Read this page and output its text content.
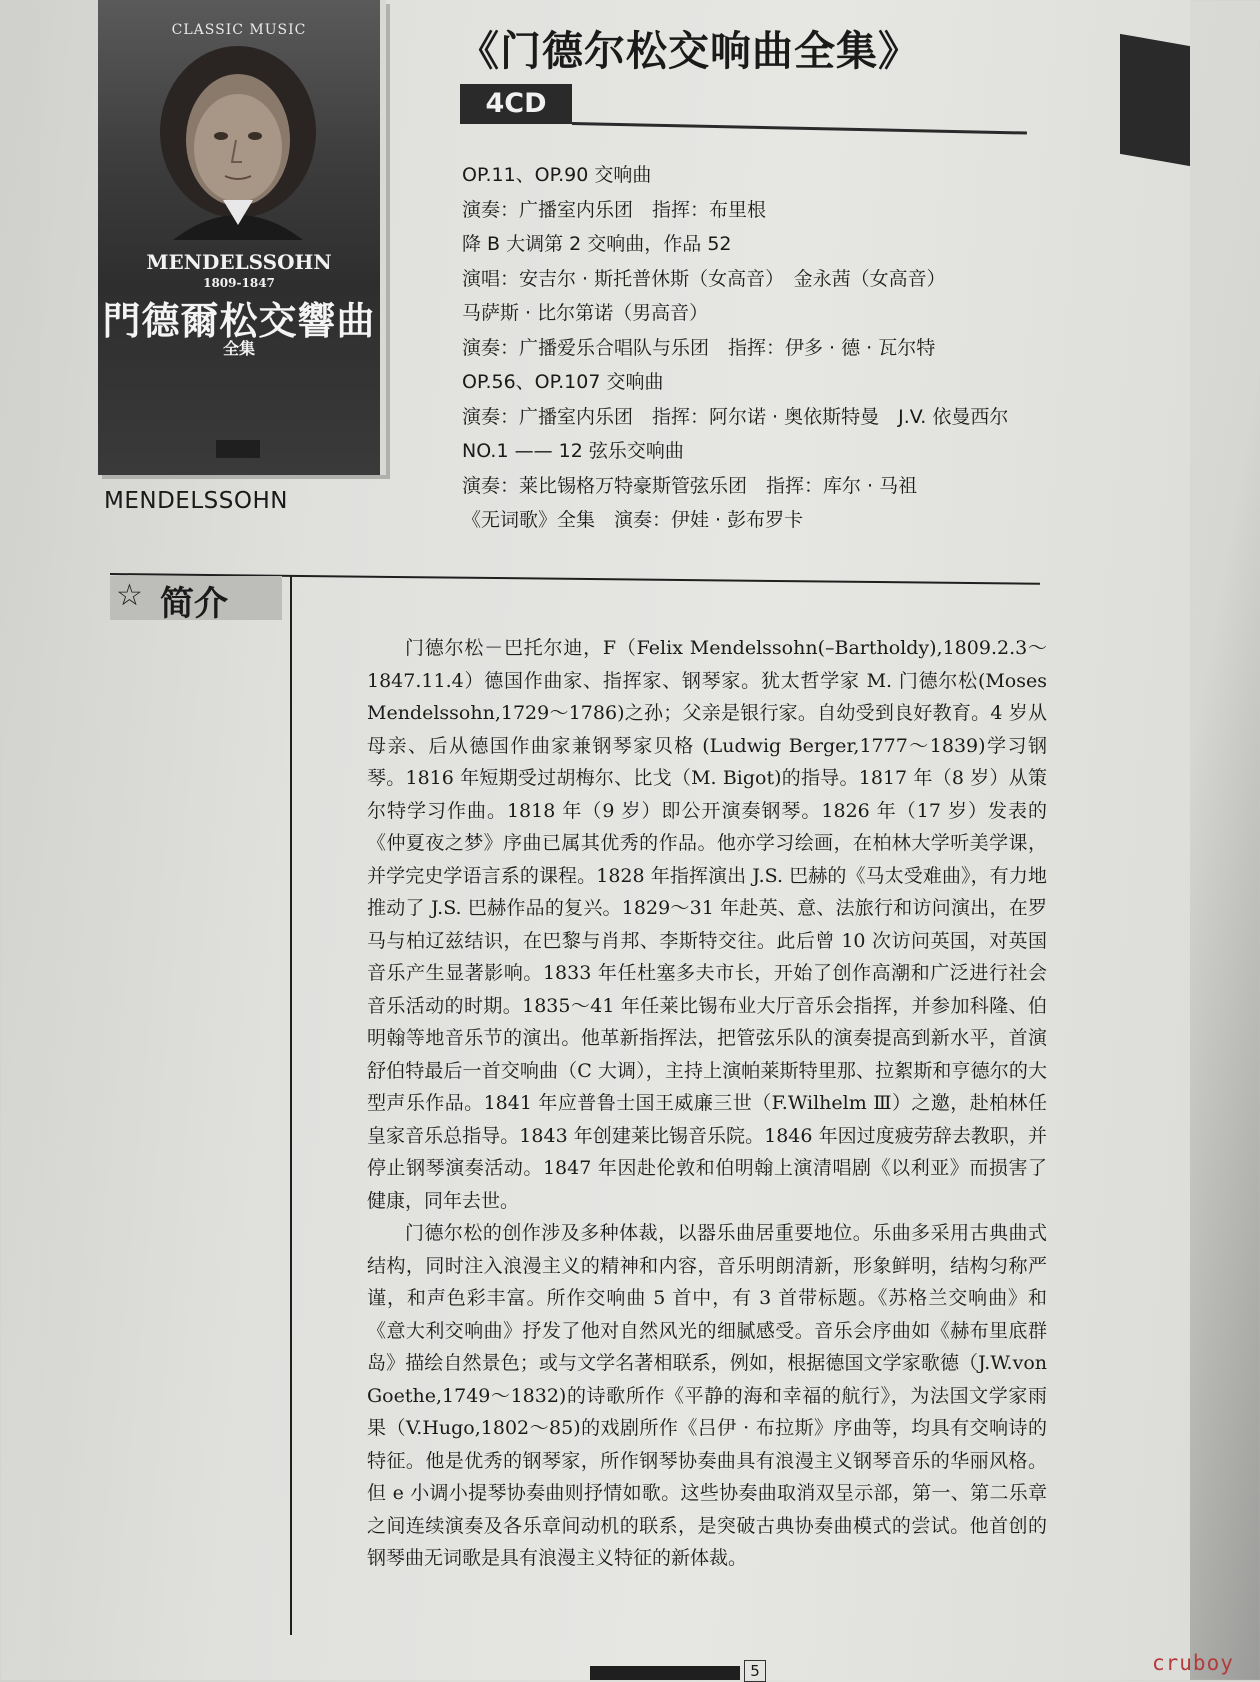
CLASSIC MUSIC
MENDELSSOHN
1809-1847
門德爾松交響曲
全集
MENDELSSOHN
《门德尔松交响曲全集》
4CD
OP.11、OP.90 交响曲
演奏：广播室内乐团　指挥：布里根
降 B 大调第 2 交响曲，作品 52
演唱：安吉尔 · 斯托普休斯（女高音）　金永茜（女高音）
马萨斯 · 比尔第诺（男高音）
演奏：广播爱乐合唱队与乐团　指挥：伊多 · 德 · 瓦尔特
OP.56、OP.107 交响曲
演奏：广播室内乐团　指挥：阿尔诺 · 奥依斯特曼　J.V. 依曼西尔
NO.1 —— 12 弦乐交响曲
演奏：莱比锡格万特豪斯管弦乐团　指挥：库尔 · 马祖
《无词歌》全集　演奏：伊娃 · 彭布罗卡
☆ 简介

门德尔松－巴托尔迪，F（Felix Mendelssohn(–Bartholdy),1809.2.3～1847.11.4）德国作曲家、指挥家、钢琴家。犹太哲学家 M. 门德尔松(Moses Mendelssohn,1729～1786)之孙；父亲是银行家。自幼受到良好教育。4 岁从母亲、后从德国作曲家兼钢琴家贝格 (Ludwig Berger,1777～1839)学习钢琴。1816 年短期受过胡梅尔、比戈（M. Bigot)的指导。1817 年（8 岁）从策尔特学习作曲。1818 年（9 岁）即公开演奏钢琴。1826 年（17 岁）发表的《仲夏夜之梦》序曲已属其优秀的作品。他亦学习绘画，在柏林大学听美学课，并学完史学语言系的课程。1828 年指挥演出 J.S. 巴赫的《马太受难曲》，有力地推动了 J.S. 巴赫作品的复兴。1829～31 年赴英、意、法旅行和访问演出，在罗马与柏辽兹结识，在巴黎与肖邦、李斯特交往。此后曾 10 次访问英国，对英国音乐产生显著影响。1833 年任杜塞多夫市长，开始了创作高潮和广泛进行社会音乐活动的时期。1835～41 年任莱比锡布业大厅音乐会指挥，并参加科隆、伯明翰等地音乐节的演出。他革新指挥法，把管弦乐队的演奏提高到新水平，首演舒伯特最后一首交响曲（C 大调），主持上演帕莱斯特里那、拉絮斯和亨德尔的大型声乐作品。1841 年应普鲁士国王威廉三世（F.Wilhelm Ⅲ）之邀，赴柏林任皇家音乐总指导。1843 年创建莱比锡音乐院。1846 年因过度疲劳辞去教职，并停止钢琴演奏活动。1847 年因赴伦敦和伯明翰上演清唱剧《以利亚》而损害了健康，同年去世。

门德尔松的创作涉及多种体裁，以器乐曲居重要地位。乐曲多采用古典曲式结构，同时注入浪漫主义的精神和内容，音乐明朗清新，形象鲜明，结构匀称严谨，和声色彩丰富。所作交响曲 5 首中，有 3 首带标题。《苏格兰交响曲》和《意大利交响曲》抒发了他对自然风光的细腻感受。音乐会序曲如《赫布里底群岛》描绘自然景色；或与文学名著相联系，例如，根据德国文学家歌德（J.W.von Goethe,1749～1832)的诗歌所作《平静的海和幸福的航行》，为法国文学家雨果（V.Hugo,1802～85)的戏剧所作《吕伊 · 布拉斯》序曲等，均具有交响诗的特征。他是优秀的钢琴家，所作钢琴协奏曲具有浪漫主义钢琴音乐的华丽风格。但 e 小调小提琴协奏曲则抒情如歌。这些协奏曲取消双呈示部，第一、第二乐章之间连续演奏及各乐章间动机的联系，是突破古典协奏曲模式的尝试。他首创的钢琴曲无词歌是具有浪漫主义特征的新体裁。

5	cruboy
